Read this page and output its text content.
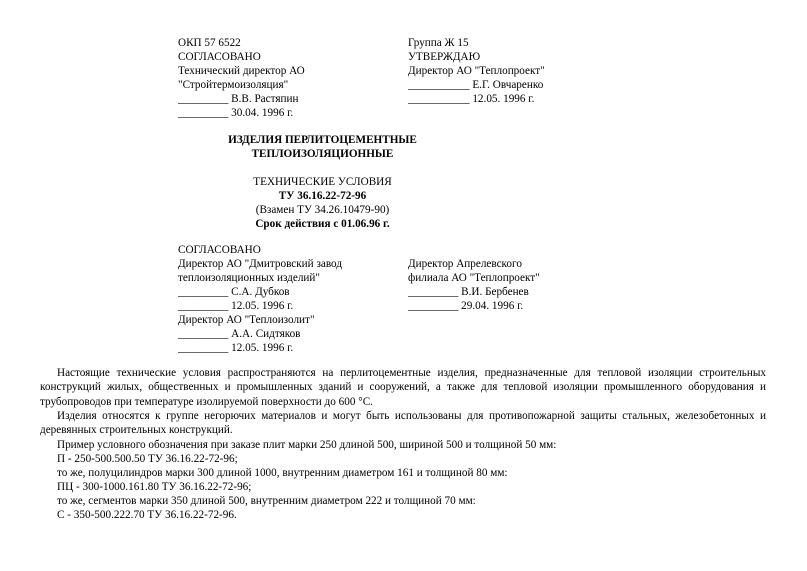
ОКП 57 6522
СОГЛАСОВАНО
Технический директор АО
"Стройтермоизоляция"
_________ В.В. Растяпин
_________ 30.04. 1996 г.
Группа Ж 15
УТВЕРЖДАЮ
Директор АО "Теплопроект"
___________ Е.Г. Овчаренко
___________ 12.05. 1996 г.
ИЗДЕЛИЯ ПЕРЛИТОЦЕМЕНТНЫЕ
ТЕПЛОИЗОЛЯЦИОННЫЕ
ТЕХНИЧЕСКИЕ УСЛОВИЯ
ТУ 36.16.22-72-96
(Взамен ТУ 34.26.10479-90)
Срок действия с 01.06.96 г.
СОГЛАСОВАНО
Директор АО "Дмитровский завод
теплоизоляционных изделий"
_________ С.А. Дубков
_________ 12.05. 1996 г.
Директор АО "Теплоизолит"
_________ А.А. Сидтяков
_________ 12.05. 1996 г.
Директор Апрелевского
филиала АО "Теплопроект"
_________ В.И. Бербенев
_________ 29.04. 1996 г.
Настоящие технические условия распространяются на перлитоцементные изделия, предназначенные для тепловой изоляции строительных конструкций жилых, общественных и промышленных зданий и сооружений, а также для тепловой изоляции промышленного оборудования и трубопроводов при температуре изолируемой поверхности до 600 °С.
Изделия относятся к группе негорючих материалов и могут быть использованы для противопожарной защиты стальных, железобетонных и деревянных строительных конструкций.
Пример условного обозначения при заказе плит марки 250 длиной 500, шириной 500 и толщиной 50 мм:
П - 250-500.500.50 ТУ 36.16.22-72-96;
то же, полуцилиндров марки 300 длиной 1000, внутренним диаметром 161 и толщиной 80 мм:
ПЦ - 300-1000.161.80 ТУ 36.16.22-72-96;
то же, сегментов марки 350 длиной 500, внутренним диаметром 222 и толщиной 70 мм:
С - 350-500.222.70 ТУ 36.16.22-72-96.
